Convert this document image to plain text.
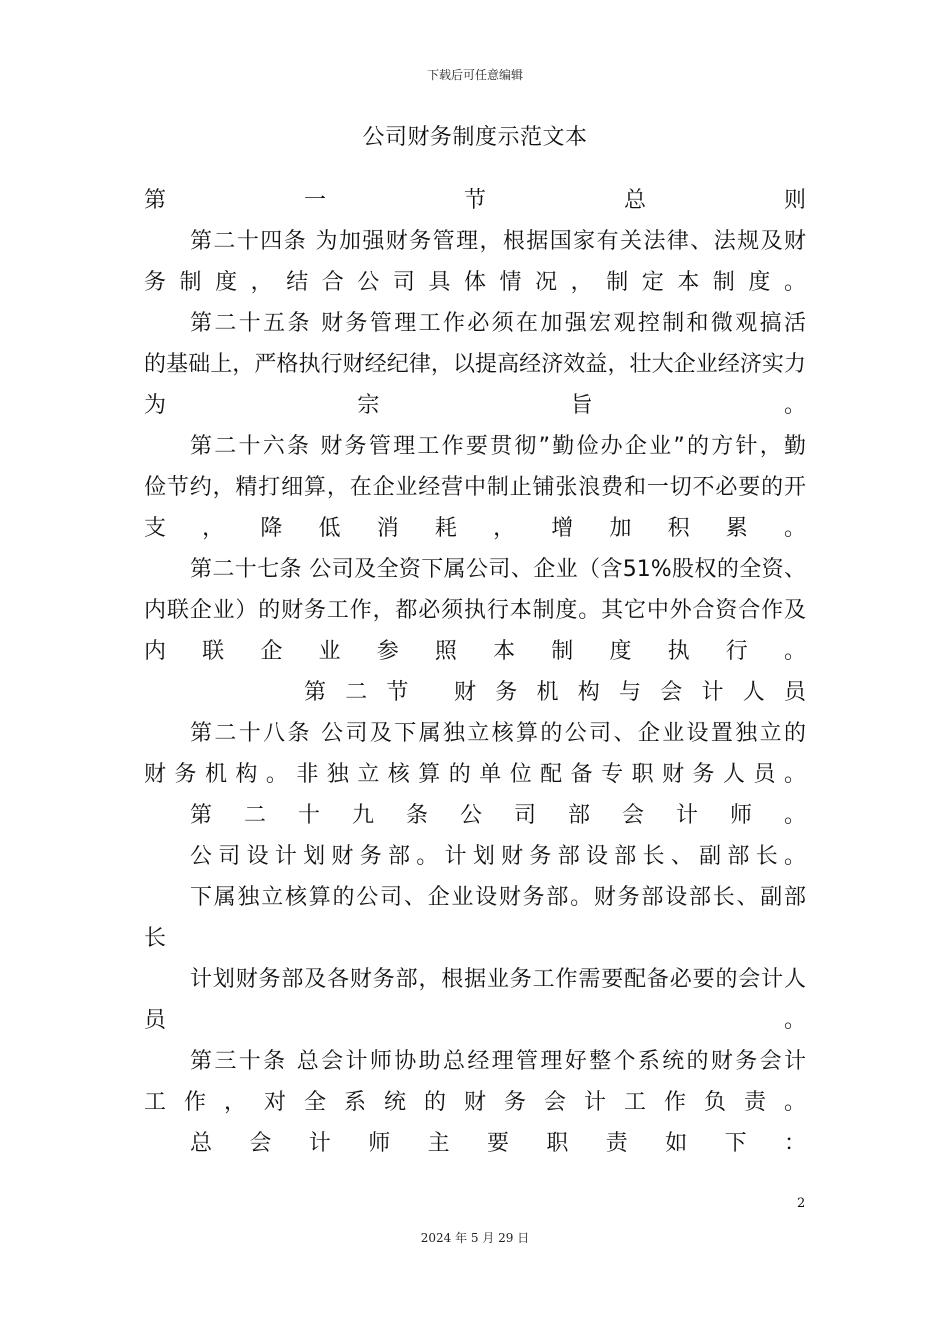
下载后可任意编辑
公司财务制度示范文本
第 一 节 总 则
第二十四条 为加强财务管理，根据国家有关法律、法规及财
务制度，结合公司具体情况，制定本制度。
第二十五条 财务管理工作必须在加强宏观控制和微观搞活
的基础上，严格执行财经纪律，以提高经济效益，壮大企业经济实力
为 宗 旨 。
第二十六条 财务管理工作要贯彻”勤俭办企业”的方针，勤
俭节约，精打细算，在企业经营中制止铺张浪费和一切不必要的开
支 ， 降 低 消 耗 ， 增 加 积 累 。
第二十七条 公司及全资下属公司、企业（含51%股权的全资、
内联企业）的财务工作，都必须执行本制度。其它中外合资合作及
内 联 企 业 参 照 本 制 度 执 行 。
第二节 财务机构与会计人员
第二十八条 公司及下属独立核算的公司、企业设置独立的
财务机构。非独立核算的单位配备专职财务人员。
第 二 十 九 条 公 司 部 会 计 师 。
公司设计划财务部。计划财务部设部长、副部长。
下属独立核算的公司、企业设财务部。财务部设部长、副部
长
计划财务部及各财务部，根据业务工作需要配备必要的会计人
员 。
第三十条 总会计师协助总经理管理好整个系统的财务会计
工作，对全系统的财务会计工作负责。
总 会 计 师 主 要 职 责 如 下 ：
2
2024 年 5 月 29 日
